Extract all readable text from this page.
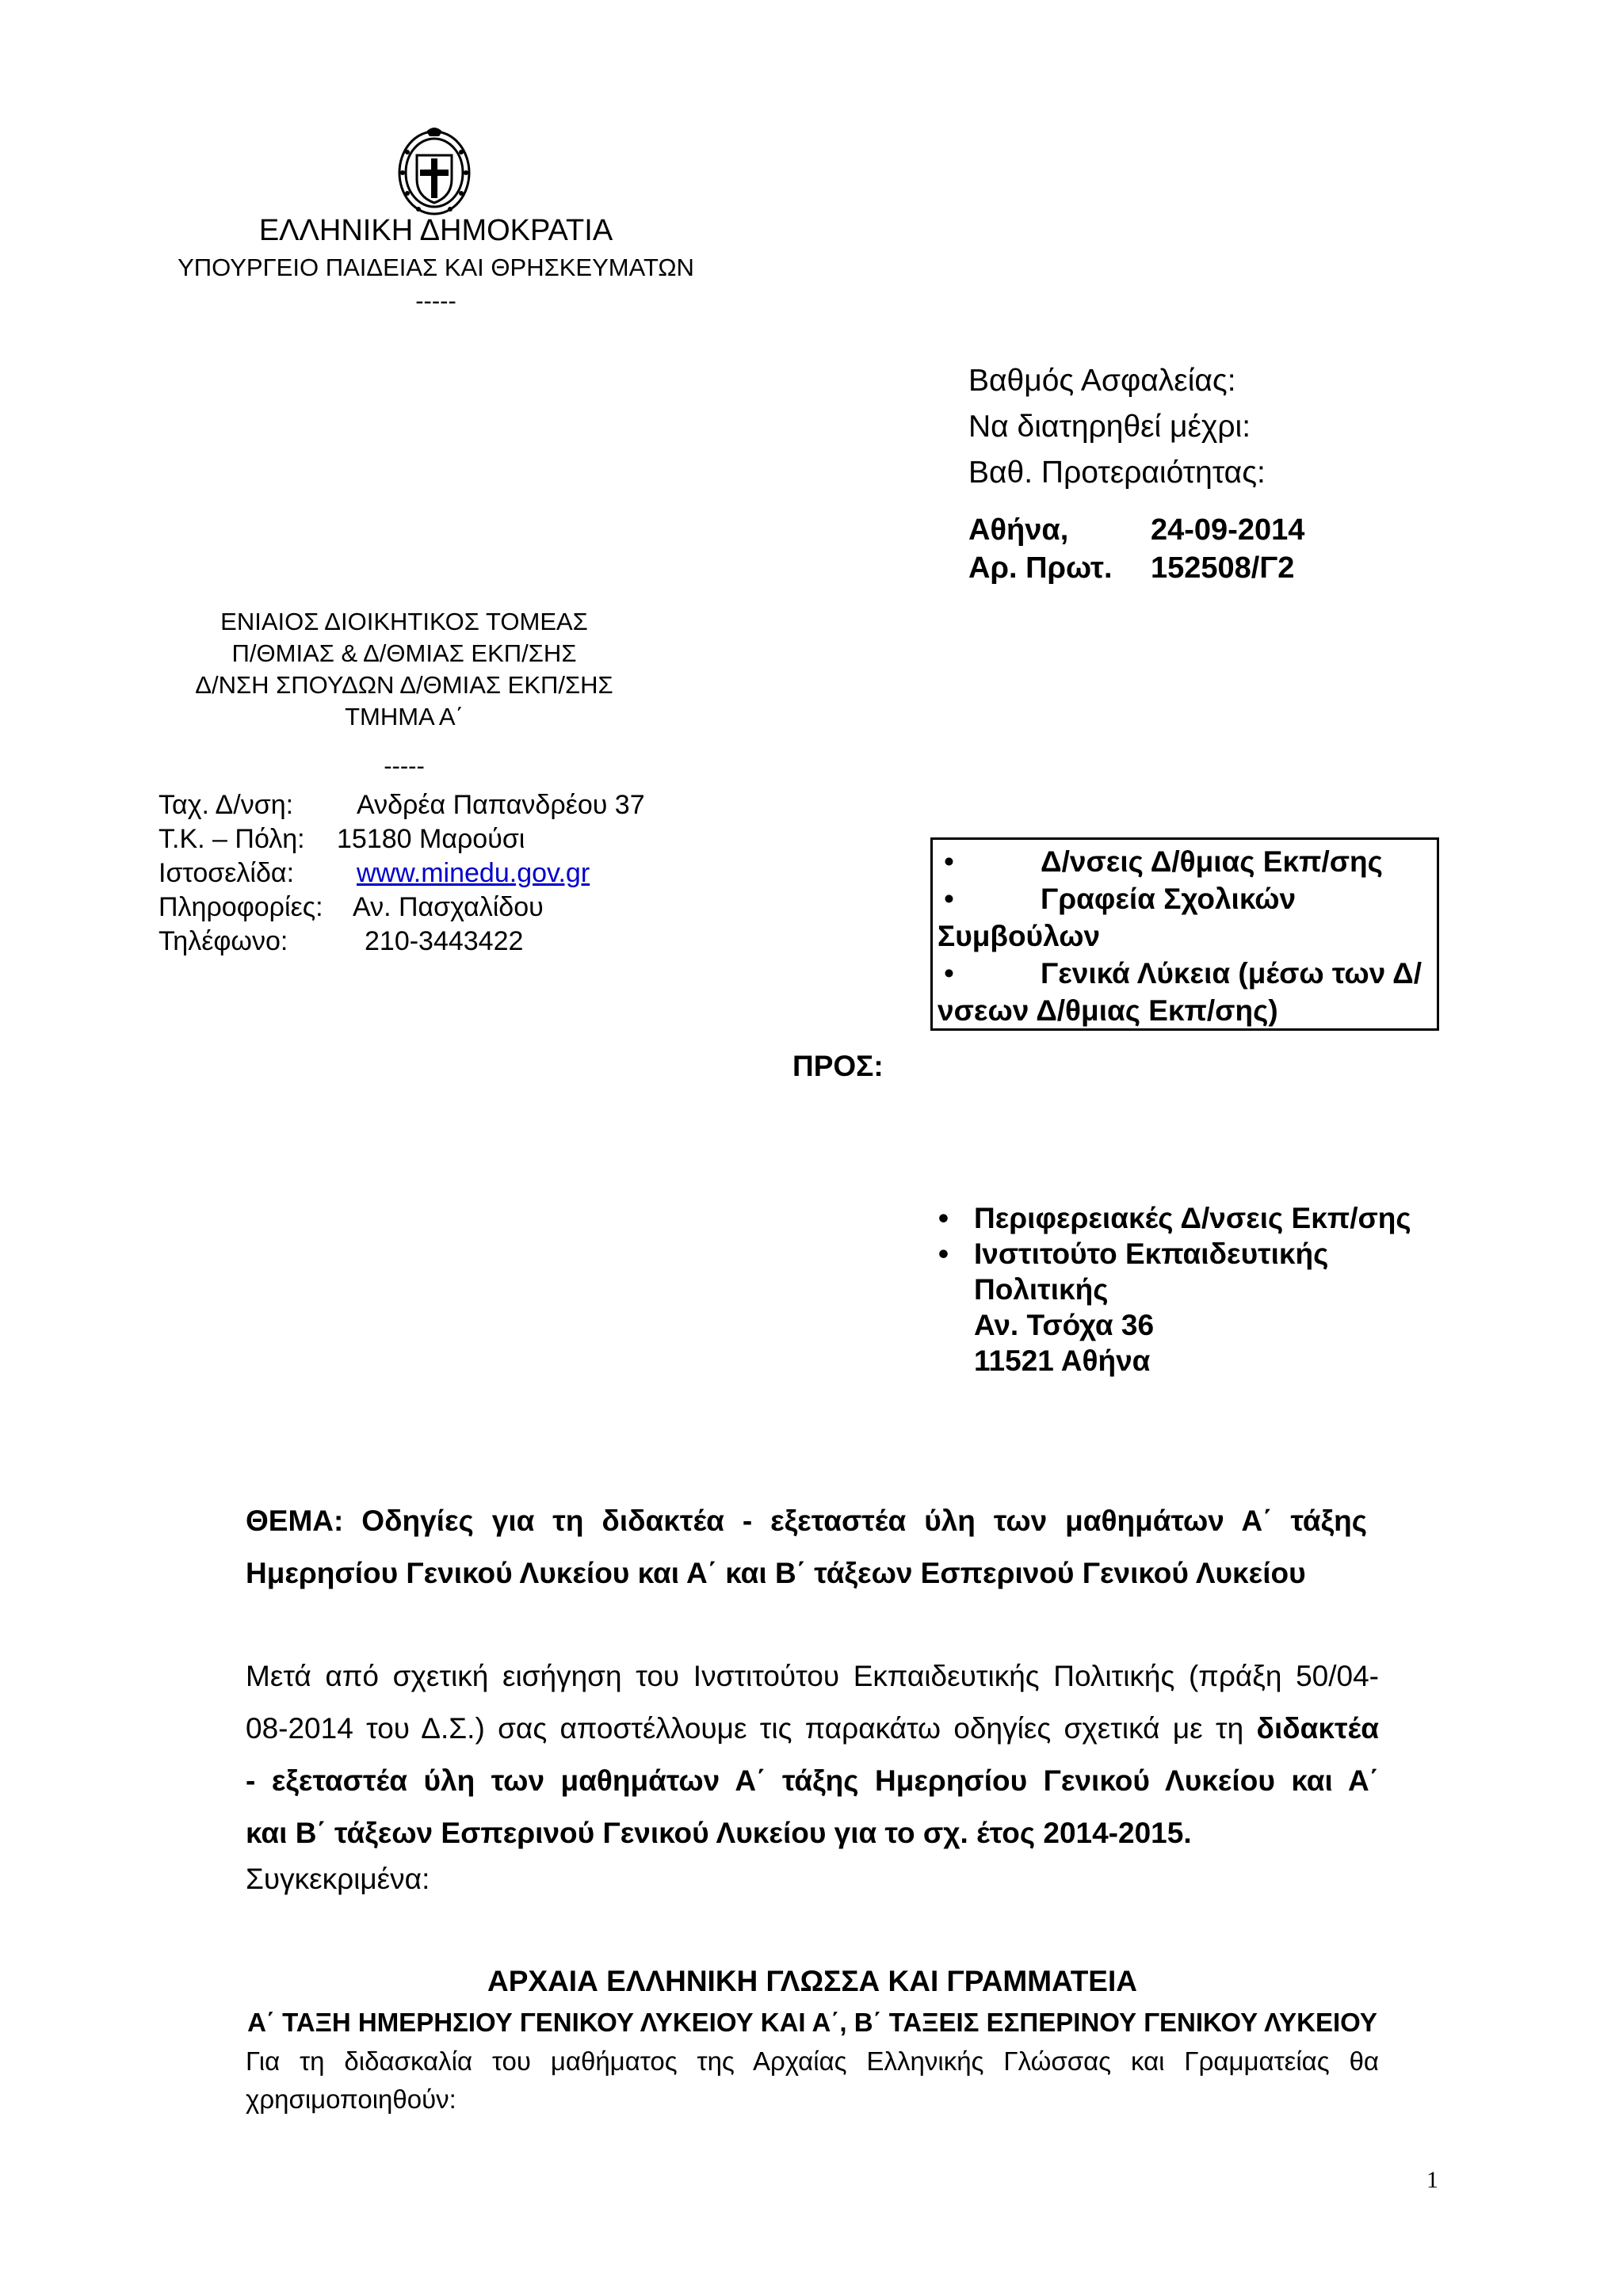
ΕΛΛΗΝΙΚΗ ΔΗΜΟΚΡΑΤΙΑ
ΥΠΟΥΡΓΕΙΟ ΠΑΙΔΕΙΑΣ ΚΑΙ ΘΡΗΣΚΕΥΜΑΤΩΝ
-----
Βαθμός Ασφαλείας:
Να διατηρηθεί μέχρι:
Βαθ. Προτεραιότητας:
Αθήνα,	24-09-2014
Αρ. Πρωτ.	152508/Γ2
ΕΝΙΑΙΟΣ ΔΙΟΙΚΗΤΙΚΟΣ ΤΟΜΕΑΣ
Π/ΘΜΙΑΣ & Δ/ΘΜΙΑΣ ΕΚΠ/ΣΗΣ
Δ/ΝΣΗ ΣΠΟΥΔΩΝ Δ/ΘΜΙΑΣ ΕΚΠ/ΣΗΣ
ΤΜΗΜΑ Α΄
-----
Ταχ. Δ/νση:	Ανδρέα Παπανδρέου 37
Τ.Κ. – Πόλη:	15180 Μαρούσι
Ιστοσελίδα:	www.minedu.gov.gr
Πληροφορίες:	Αν. Πασχαλίδου
Τηλέφωνο:	210-3443422
•	Δ/νσεις Δ/θμιας Εκπ/σης
•	Γραφεία Σχολικών Συμβούλων
•	Γενικά Λύκεια (μέσω των Δ/νσεων Δ/θμιας Εκπ/σης)
ΠΡΟΣ:
• Περιφερειακές Δ/νσεις Εκπ/σης
• Ινστιτούτο Εκπαιδευτικής
Πολιτικής
Αν. Τσόχα 36
11521 Αθήνα
ΘΕΜΑ: Οδηγίες για τη διδακτέα - εξεταστέα ύλη των μαθημάτων Α΄ τάξης
Ημερησίου Γενικού Λυκείου και Α΄ και Β΄ τάξεων Εσπερινού Γενικού Λυκείου
Μετά από σχετική εισήγηση του Ινστιτούτου Εκπαιδευτικής Πολιτικής (πράξη 50/04-
08-2014 του Δ.Σ.) σας αποστέλλουμε τις παρακάτω οδηγίες σχετικά με τη διδακτέα
- εξεταστέα ύλη των μαθημάτων Α΄ τάξης Ημερησίου Γενικού Λυκείου και Α΄
και Β΄ τάξεων Εσπερινού Γενικού Λυκείου για το σχ. έτος 2014-2015.
Συγκεκριμένα:
ΑΡΧΑΙΑ ΕΛΛΗΝΙΚΗ ΓΛΩΣΣΑ ΚΑΙ ΓΡΑΜΜΑΤΕΙΑ
Α΄ ΤΑΞΗ ΗΜΕΡΗΣΙΟΥ ΓΕΝΙΚΟΥ ΛΥΚΕΙΟΥ ΚΑΙ Α΄, Β΄ ΤΑΞΕΙΣ ΕΣΠΕΡΙΝΟΥ ΓΕΝΙΚΟΥ ΛΥΚΕΙΟΥ
Για τη διδασκαλία του μαθήματος της Αρχαίας Ελληνικής Γλώσσας και Γραμματείας θα
χρησιμοποιηθούν:
1
